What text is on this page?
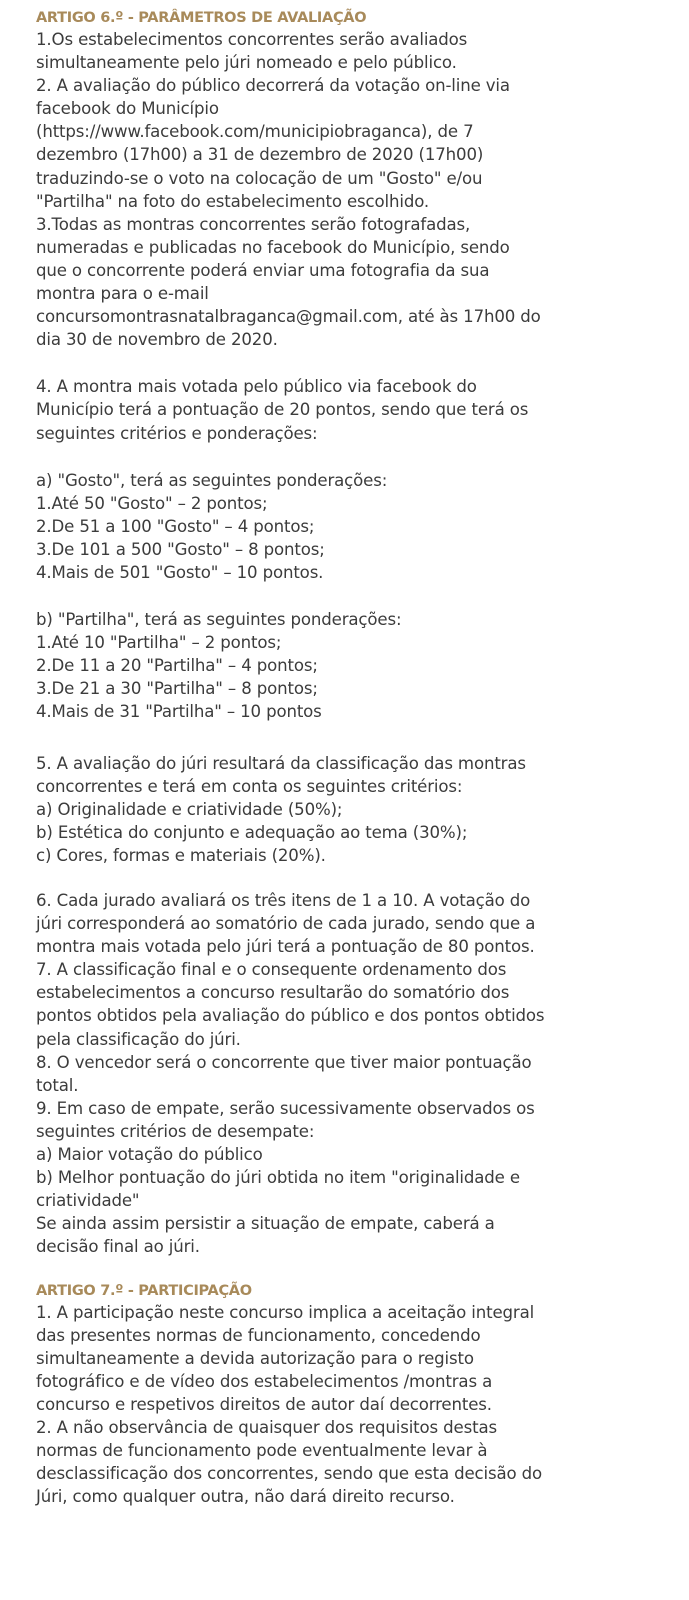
ARTIGO 6.º - PARÂMETROS DE AVALIAÇÃO
1.Os estabelecimentos concorrentes serão avaliados
simultaneamente pelo júri nomeado e pelo público.
2. A avaliação do público decorrerá da votação on-line via
facebook do Município
(https://www.facebook.com/municipiobraganca), de 7
dezembro (17h00) a 31 de dezembro de 2020 (17h00)
traduzindo-se o voto na colocação de um "Gosto" e/ou
"Partilha" na foto do estabelecimento escolhido.
3.Todas as montras concorrentes serão fotografadas,
numeradas e publicadas no facebook do Município, sendo
que o concorrente poderá enviar uma fotografia da sua
montra para o e-mail
concursomontrasnatalbraganca@gmail.com, até às 17h00 do
dia 30 de novembro de 2020.
4. A montra mais votada pelo público via facebook do
Município terá a pontuação de 20 pontos, sendo que terá os
seguintes critérios e ponderações:
a) "Gosto", terá as seguintes ponderações:
1.Até 50 "Gosto" – 2 pontos;
2.De 51 a 100 "Gosto" – 4 pontos;
3.De 101 a 500 "Gosto" – 8 pontos;
4.Mais de 501 "Gosto" – 10 pontos.
b) "Partilha", terá as seguintes ponderações:
1.Até 10 "Partilha" – 2 pontos;
2.De 11 a 20 "Partilha" – 4 pontos;
3.De 21 a 30 "Partilha" – 8 pontos;
4.Mais de 31 "Partilha" – 10 pontos
5. A avaliação do júri resultará da classificação das montras
concorrentes e terá em conta os seguintes critérios:
a) Originalidade e criatividade (50%);
b) Estética do conjunto e adequação ao tema (30%);
c) Cores, formas e materiais (20%).
6. Cada jurado avaliará os três itens de 1 a 10. A votação do
júri corresponderá ao somatório de cada jurado, sendo que a
montra mais votada pelo júri terá a pontuação de 80 pontos.
7. A classificação final e o consequente ordenamento dos
estabelecimentos a concurso resultarão do somatório dos
pontos obtidos pela avaliação do público e dos pontos obtidos
pela classificação do júri.
8. O vencedor será o concorrente que tiver maior pontuação
total.
9. Em caso de empate, serão sucessivamente observados os
seguintes critérios de desempate:
a) Maior votação do público
b) Melhor pontuação do júri obtida no item "originalidade e
criatividade"
Se ainda assim persistir a situação de empate, caberá a
decisão final ao júri.
ARTIGO 7.º - PARTICIPAÇÃO
1. A participação neste concurso implica a aceitação integral
das presentes normas de funcionamento, concedendo
simultaneamente a devida autorização para o registo
fotográfico e de vídeo dos estabelecimentos /montras a
concurso e respetivos direitos de autor daí decorrentes.
2. A não observância de quaisquer dos requisitos destas
normas de funcionamento pode eventualmente levar à
desclassificação dos concorrentes, sendo que esta decisão do
Júri, como qualquer outra, não dará direito recurso.
